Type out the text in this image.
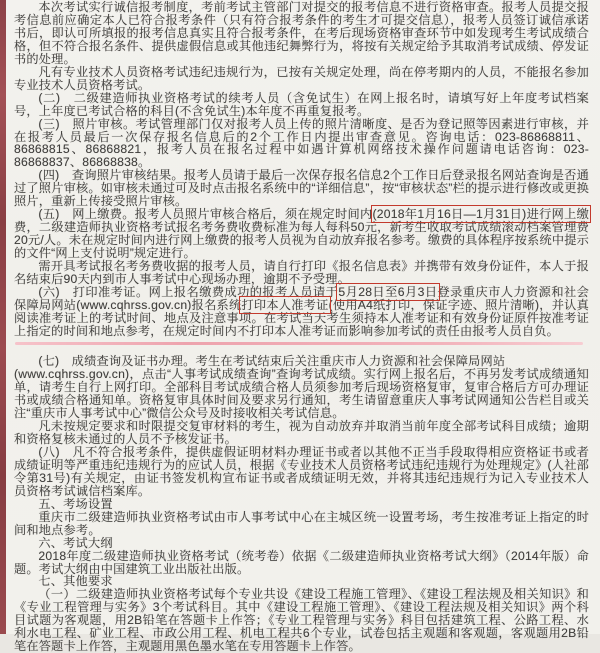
本次考试实行诚信报考制度，考前考试主管部门对提交的报考信息不进行资格审查。报考人员提交报考信息前应确定本人已符合报考条件（只有符合报考条件的考生才可提交信息），报考人员签订诚信承诺书后，即认可所填报的报考信息真实且符合报考条件，在考后现场资格审查环节中如发现考生考试成绩合格，但不符合报名条件、提供虚假信息或其他违纪舞弊行为，将按有关规定给予其取消考试成绩、停发证书的处理。

凡有专业技术人员资格考试违纪违规行为，已按有关规定处理，尚在停考期内的人员，不能报名参加专业技术人员资格考试。

(二)　二级建造师执业资格考试的续考人员（含免试生）在网上报名时，请填写好上年度考试档案号，上年度已考试合格的科目(不含免试生)本年度不再重复报考。

(三)　照片审核。考试管理部门仅对报考人员上传的照片清晰度、是否为登记照等因素进行审核，并在报考人员最后一次保存报名信息后的2个工作日内提出审查意见。咨询电话：023-86868811、86868815、86868821，报考人员在报名过程中如遇计算机网络技术操作问题请电话咨询：023-86868837、86868838。

(四)　查询照片审核结果。报考人员请于最后一次保存报名信息2个工作日后登录报名网站查询是否通过了照片审核。如审核未通过可及时点击报名系统中的“详细信息”，按“审核状态”栏的提示进行修改或更换照片，重新上传接受照片审核。

(五)　网上缴费。报考人员照片审核合格后，须在规定时间内(2018年1月16日—1月31日)进行网上缴费，二级建造师执业资格考试报名考务费收费标准为每人每科50元，新考生收取考试成绩滚动档案管理费20元/人。未在规定时间内进行网上缴费的报考人员视为自动放弃报名参考。缴费的具体程序按系统中提示的文件“网上支付说明”规定进行。

需开具考试报名考务费收据的报考人员，请自行打印《报名信息表》并携带有效身份证件，本人于报名结束后90天内到市人事考试中心现场办理，逾期不予受理。

(六)　打印准考证。网上报名缴费成功的报考人员请于5月28日至6月3日登录重庆市人力资源和社会保障局网站(www.cqhrss.gov.cn)报名系统打印本人准考证(使用A4纸打印，保证字迹、照片清晰)，并认真阅读准考证上的考试时间、地点及注意事项。在考试当天考生须持本人准考证和有效身份证原件按准考证上指定的时间和地点参考，在规定时间内不打印本人准考证而影响参加考试的责任由报考人员自负。

(七)　成绩查询及证书办理。考生在考试结束后关注重庆市人力资源和社会保障局网站
(www.cqhrss.gov.cn)，点击“人事考试成绩查询”查询考试成绩。实行网上报名后，不再另发考试成绩通知单，请考生自行上网打印。全部科目考试成绩合格人员须参加考后现场资格复审，复审合格后方可办理证书或成绩合格通知单。资格复审具体时间及要求另行通知，考生请留意重庆人事考试网通知公告栏目或关注“重庆市人事考试中心”微信公众号及时接收相关考试信息。

凡未按规定要求和时限提交复审材料的考生，视为自动放弃并取消当前年度全部考试科目成绩；逾期和资格复核未通过的人员不予核发证书。

(八)　凡不符合报考条件，提供虚假证明材料办理证书或者以其他不正当手段取得相应资格证书或者成绩证明等严重违纪违规行为的应试人员，根据《专业技术人员资格考试违纪违规行为处理规定》(人社部令第31号)有关规定，由证书签发机构宣布证书或者成绩证明无效，并将其违纪违规行为记入专业技术人员资格考试诚信档案库。

五、考场设置

重庆市二级建造师执业资格考试由市人事考试中心在主城区统一设置考场，考生按准考证上指定的时间和地点参考。

六、考试大纲

2018年度二级建造师执业资格考试（统考卷）依据《二级建造师执业资格考试大纲》（2014年版）命题。考试大纲由中国建筑工业出版社出版。

七、其他要求

（一）二级建造师执业资格考试每个专业共设《建设工程施工管理》、《建设工程法规及相关知识》和《专业工程管理与实务》3个考试科目。其中《建设工程施工管理》、《建设工程法规及相关知识》两个科目试题为客观题，用2B铅笔在答题卡上作答；《专业工程管理与实务》科目包括建筑工程、公路工程、水利水电工程、矿业工程、市政公用工程、机电工程共6个专业，试卷包括主观题和客观题，客观题用2B铅笔在答题卡上作答，主观题用黑色墨水笔在专用答题卡上作答。
